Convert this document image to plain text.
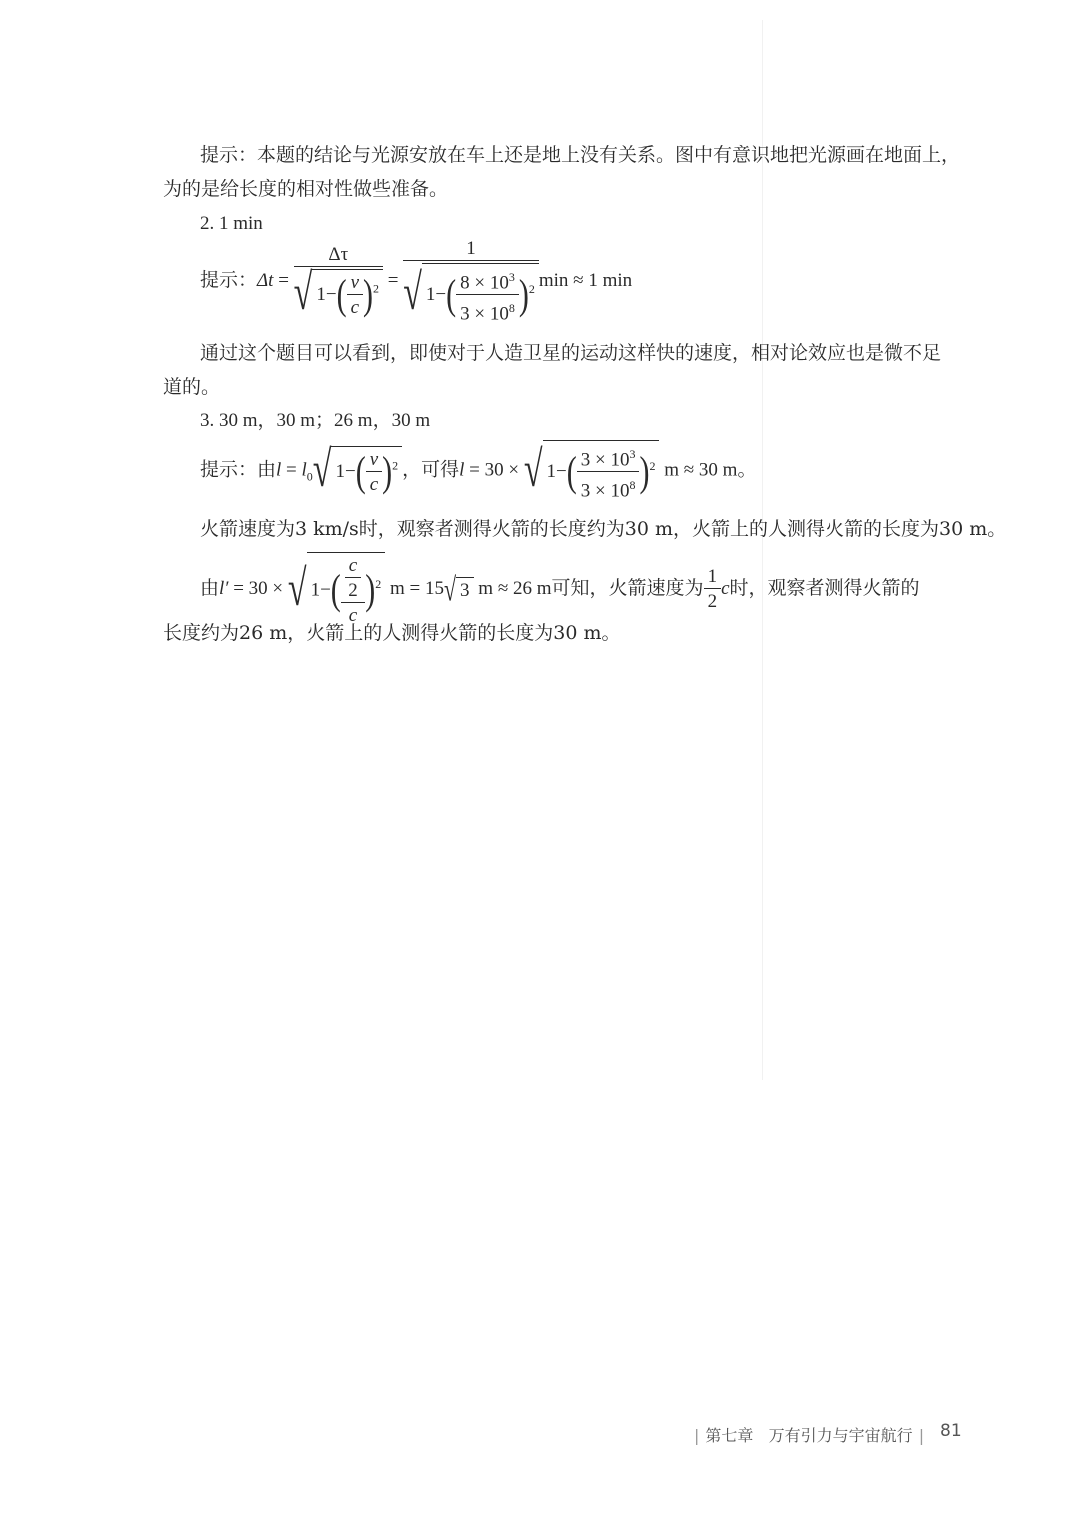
提示：本题的结论与光源安放在车上还是地上没有关系。图中有意识地把光源画在地面上，
为的是给长度的相对性做些准备。
2. 1 min
提示：$\Delta t = \frac{\Delta\tau}{√ 1-( \frac{v}{c} )^2} = \frac{1}{√ 1-( \frac{8 \times 10^3}{3 \times 10^8} )^2}$ min ≈ 1 min
通过这个题目可以看到，即使对于人造卫星的运动这样快的速度，相对论效应也是微不足
道的。
3. 30 m，30 m；26 m，30 m
提示：由$l = l_0√$ $1-( \frac{v}{c} )^2$ ，可得l = 30 × √ $1-( \frac{3 \times 10^3}{3 \times 10^8} )^2$ m ≈ 30 m。
火箭速度为3 km/s时，观察者测得火箭的长度约为30 m，火箭上的人测得火箭的长度为30 m。
由l′ = 30 × √ $1-( \frac{\frac{c}{2}}{c} )^2$ m = 15√ 3 m ≈ 26 m可知，火箭速度为 $\frac{1}{2}$ c时，观察者测得火箭的
长度约为26 m，火箭上的人测得火箭的长度为30 m。
| 第七章 万有引力与宇宙航行 | 81
